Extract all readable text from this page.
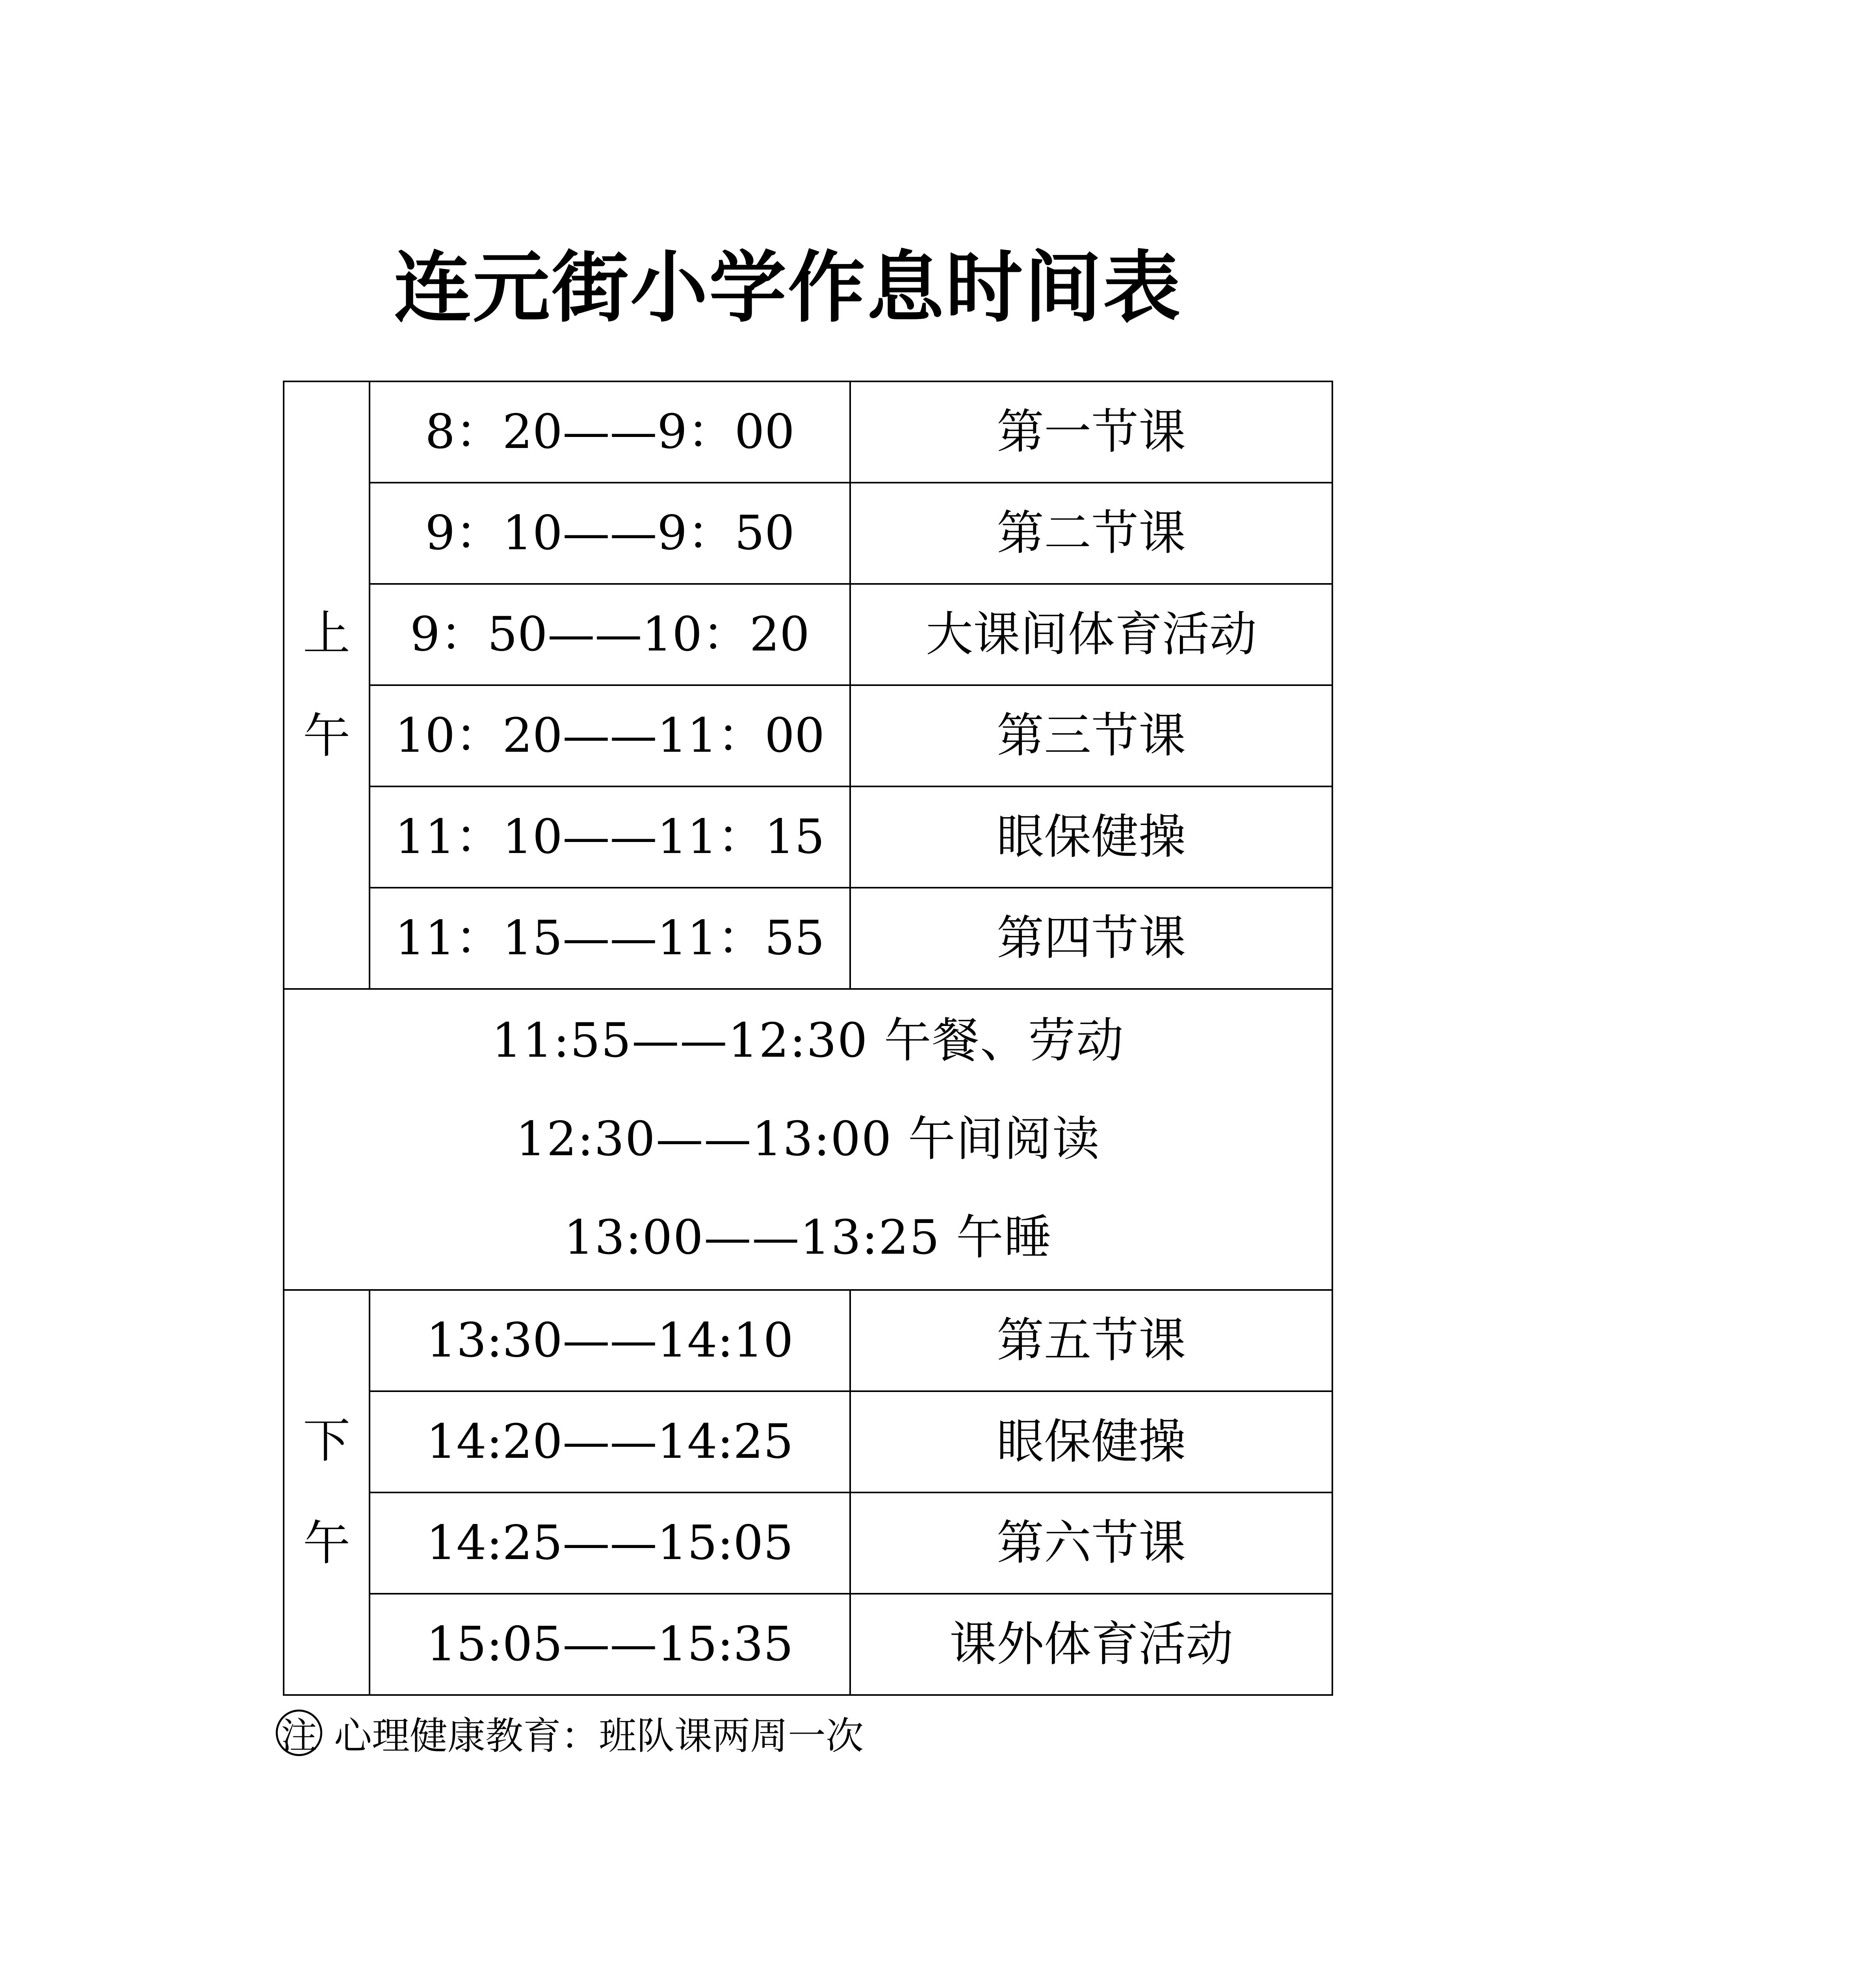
连元街小学作息时间表
上午	8：20——9：00	第一节课
	9：10——9：50	第二节课
	9：50——10：20	大课间体育活动
	10：20——11：00	第三节课
	11：10——11：15	眼保健操
	11：15——11：55	第四节课

11:55——12:30 午餐、劳动
12:30——13:00 午间阅读
13:00——13:25 午睡		

下午	13:30——14:10	第五节课
	14:20——14:25	眼保健操
	14:25——15:05	第六节课
	15:05——15:35	课外体育活动
注 心理健康教育：班队课两周一次
